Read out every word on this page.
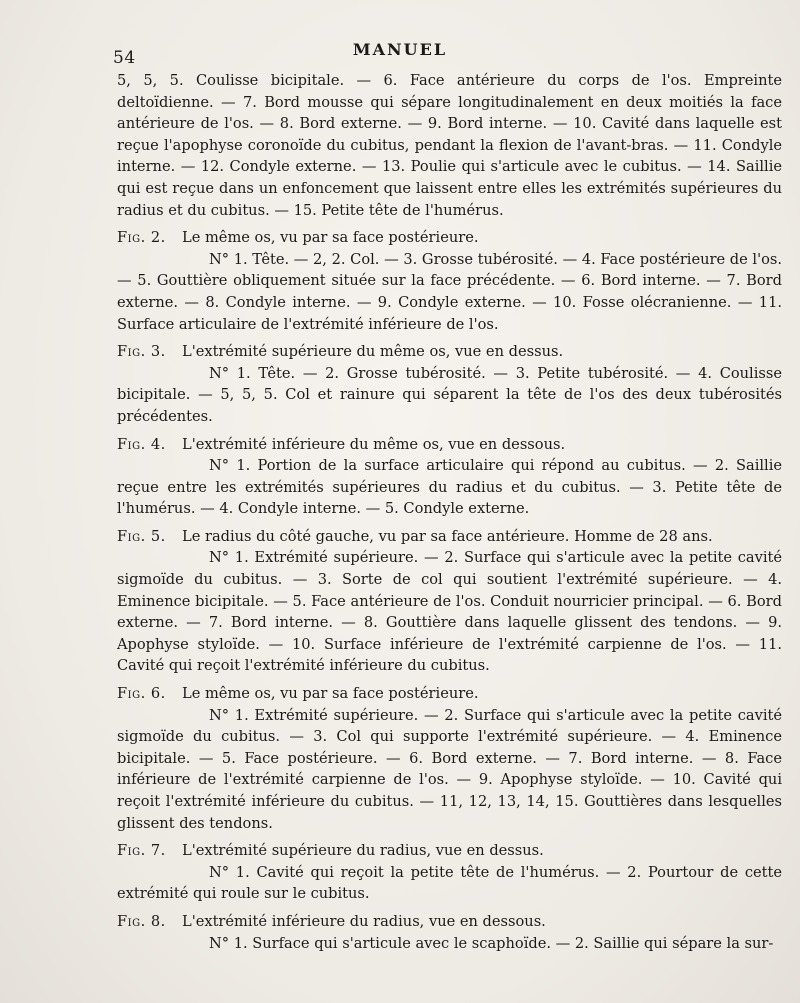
54	MANUEL

5, 5, 5. Coulisse bicipitale. — 6. Face antérieure du corps de l'os. Empreinte deltoïdienne. — 7. Bord mousse qui sépare longitudinalement en deux moitiés la face antérieure de l'os. — 8. Bord externe. — 9. Bord interne. — 10. Cavité dans laquelle est reçue l'apophyse coronoïde du cubitus, pendant la flexion de l'avant-bras. — 11. Condyle interne. — 12. Condyle externe. — 13. Poulie qui s'articule avec le cubitus. — 14. Saillie qui est reçue dans un enfoncement que laissent entre elles les extrémités supérieures du radius et du cubitus. — 15. Petite tête de l'humérus.

Fig. 2.	Le même os, vu par sa face postérieure.

N° 1. Tête. — 2, 2. Col. — 3. Grosse tubérosité. — 4. Face postérieure de l'os. — 5. Gouttière obliquement située sur la face précédente. — 6. Bord interne. — 7. Bord externe. — 8. Condyle interne. — 9. Condyle externe. — 10. Fosse olécranienne. — 11. Surface articulaire de l'extrémité inférieure de l'os.

Fig. 3.	L'extrémité supérieure du même os, vue en dessus.

N° 1. Tête. — 2. Grosse tubérosité. — 3. Petite tubérosité. — 4. Coulisse bicipitale. — 5, 5, 5. Col et rainure qui séparent la tête de l'os des deux tubérosités précédentes.

Fig. 4.	L'extrémité inférieure du même os, vue en dessous.

N° 1. Portion de la surface articulaire qui répond au cubitus. — 2. Saillie reçue entre les extrémités supérieures du radius et du cubitus. — 3. Petite tête de l'humérus. — 4. Condyle interne. — 5. Condyle externe.

Fig. 5.	Le radius du côté gauche, vu par sa face antérieure. Homme de 28 ans.

N° 1. Extrémité supérieure. — 2. Surface qui s'articule avec la petite cavité sigmoïde du cubitus. — 3. Sorte de col qui soutient l'extrémité supérieure. — 4. Eminence bicipitale. — 5. Face antérieure de l'os. Conduit nourricier principal. — 6. Bord externe. — 7. Bord interne. — 8. Gouttière dans laquelle glissent des tendons. — 9. Apophyse styloïde. — 10. Surface inférieure de l'extrémité carpienne de l'os. — 11. Cavité qui reçoit l'extrémité inférieure du cubitus.

Fig. 6.	Le même os, vu par sa face postérieure.

N° 1. Extrémité supérieure. — 2. Surface qui s'articule avec la petite cavité sigmoïde du cubitus. — 3. Col qui supporte l'extrémité supérieure. — 4. Eminence bicipitale. — 5. Face postérieure. — 6. Bord externe. — 7. Bord interne. — 8. Face inférieure de l'extrémité carpienne de l'os. — 9. Apophyse styloïde. — 10. Cavité qui reçoit l'extrémité inférieure du cubitus. — 11, 12, 13, 14, 15. Gouttières dans lesquelles glissent des tendons.

Fig. 7.	L'extrémité supérieure du radius, vue en dessus.

N° 1. Cavité qui reçoit la petite tête de l'humérus. — 2. Pourtour de cette extrémité qui roule sur le cubitus.

Fig. 8.	L'extrémité inférieure du radius, vue en dessous.

N° 1. Surface qui s'articule avec le scaphoïde. — 2. Saillie qui sépare la sur-
